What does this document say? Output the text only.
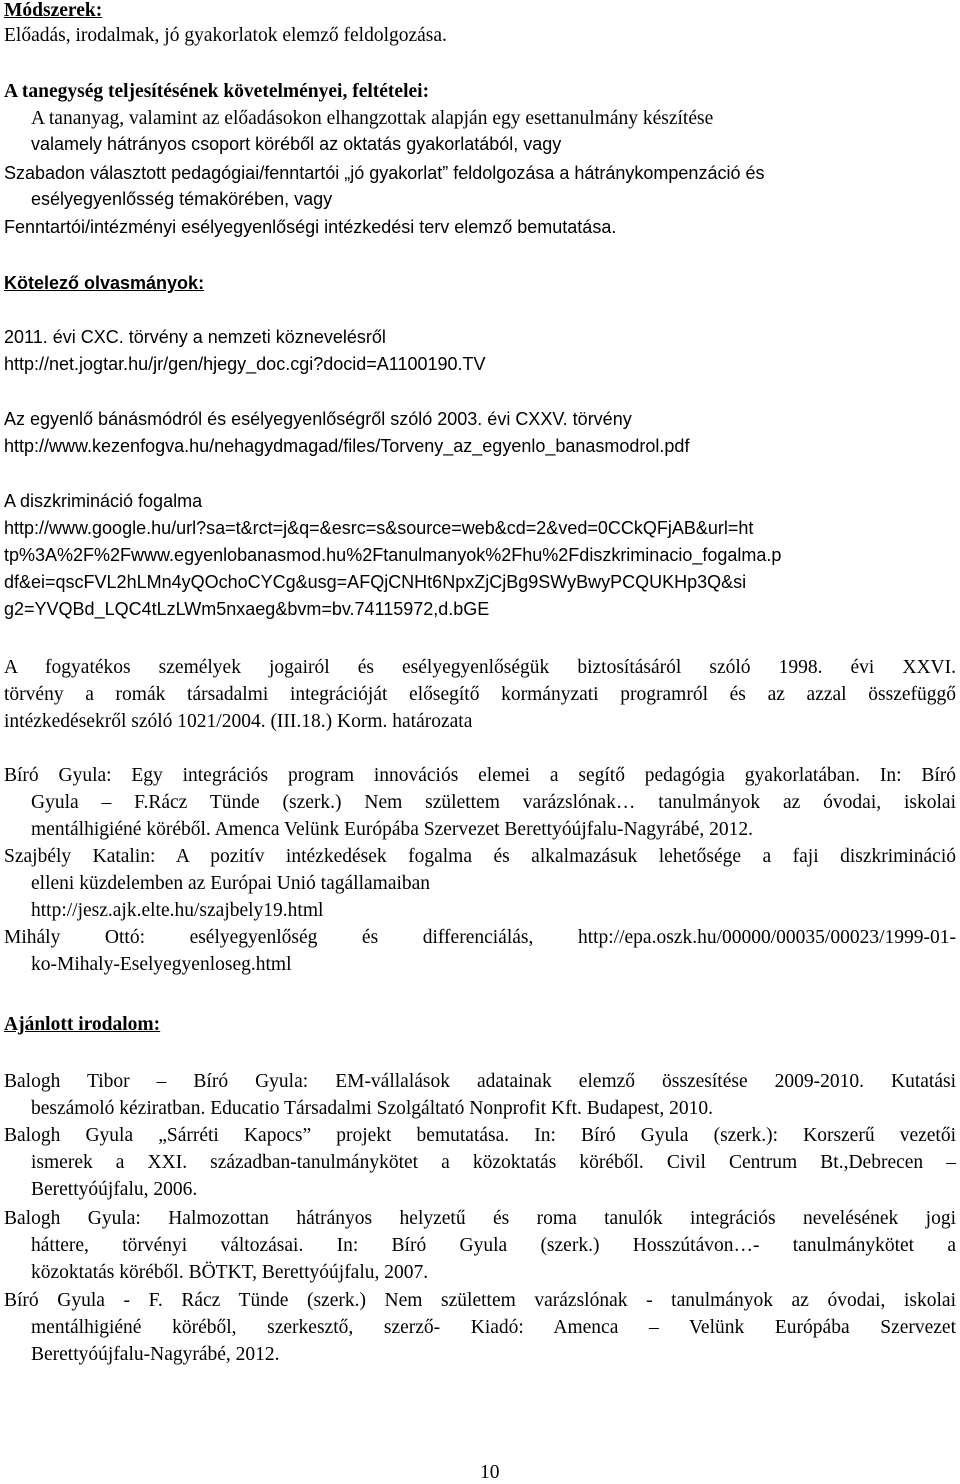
Módszerek:
Előadás, irodalmak, jó gyakorlatok elemző feldolgozása.
A tanegység teljesítésének követelményei, feltételei:
A tananyag, valamint az előadásokon elhangzottak alapján egy esettanulmány készítése
valamely hátrányos csoport köréből az oktatás gyakorlatából, vagy
Szabadon választott pedagógiai/fenntartói „jó gyakorlat” feldolgozása a hátránykompenzáció és
esélyegyenlősség témakörében, vagy
Fenntartói/intézményi esélyegyenlőségi intézkedési terv elemző bemutatása.
Kötelező olvasmányok:
2011. évi CXC. törvény a nemzeti köznevelésről
http://net.jogtar.hu/jr/gen/hjegy_doc.cgi?docid=A1100190.TV
Az egyenlő bánásmódról és esélyegyenlőségről szóló 2003. évi CXXV. törvény
http://www.kezenfogva.hu/nehagydmagad/files/Torveny_az_egyenlo_banasmodrol.pdf
A diszkrimináció fogalma
http://www.google.hu/url?sa=t&rct=j&q=&esrc=s&source=web&cd=2&ved=0CCkQFjAB&url=ht
tp%3A%2F%2Fwww.egyenlobanasmod.hu%2Ftanulmanyok%2Fhu%2Fdiszkriminacio_fogalma.p
df&ei=qscFVL2hLMn4yQOchoCYCg&usg=AFQjCNHt6NpxZjCjBg9SWyBwyPCQUKHp3Q&si
g2=YVQBd_LQC4tLzLWm5nxaeg&bvm=bv.74115972,d.bGE
A fogyatékos személyek jogairól és esélyegyenlőségük biztosításáról szóló 1998. évi XXVI.
törvény a romák társadalmi integrációját elősegítő kormányzati programról és az azzal összefüggő
intézkedésekről szóló 1021/2004. (III.18.) Korm. határozata
Bíró Gyula: Egy integrációs program innovációs elemei a segítő pedagógia gyakorlatában. In: Bíró
Gyula – F.Rácz Tünde (szerk.) Nem születtem varázslónak… tanulmányok az óvodai, iskolai
mentálhigiéné köréből. Amenca Velünk Európába Szervezet Berettyóújfalu-Nagyrábé, 2012.
Szajbély Katalin: A pozitív intézkedések fogalma és alkalmazásuk lehetősége a faji diszkrimináció
elleni küzdelemben az Európai Unió tagállamaiban
http://jesz.ajk.elte.hu/szajbely19.html
Mihály Ottó: esélyegyenlőség és differenciálás, http://epa.oszk.hu/00000/00035/00023/1999-01-
ko-Mihaly-Eselyegyenloseg.html
Ajánlott irodalom:
Balogh Tibor – Bíró Gyula: EM-vállalások adatainak elemző összesítése 2009-2010. Kutatási
beszámoló kéziratban. Educatio Társadalmi Szolgáltató Nonprofit Kft. Budapest, 2010.
Balogh Gyula „Sárréti Kapocs” projekt bemutatása. In: Bíró Gyula (szerk.): Korszerű vezetői
ismerek a XXI. században-tanulmánykötet a közoktatás köréből. Civil Centrum Bt.,Debrecen –
Berettyóújfalu, 2006.
Balogh Gyula: Halmozottan hátrányos helyzetű és roma tanulók integrációs nevelésének jogi
háttere, törvényi változásai. In: Bíró Gyula (szerk.) Hosszútávon…- tanulmánykötet a
közoktatás köréből. BÖTKT, Berettyóújfalu, 2007.
Bíró Gyula - F. Rácz Tünde (szerk.) Nem születtem varázslónak - tanulmányok az óvodai, iskolai
mentálhigiéné köréből, szerkesztő, szerző- Kiadó: Amenca – Velünk Európába Szervezet
Berettyóújfalu-Nagyrábé, 2012.
10
